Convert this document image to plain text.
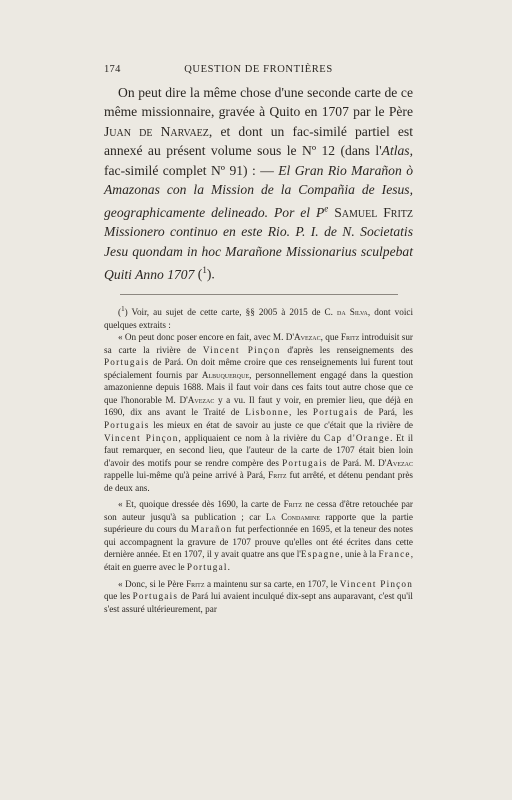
174	QUESTION DE FRONTIÈRES

On peut dire la même chose d'une seconde carte de ce même missionnaire, gravée à Quito en 1707 par le Père Juan de Narvaez, et dont un fac-similé partiel est annexé au présent volume sous le Nº 12 (dans l'Atlas, fac-similé complet Nº 91) : — El Gran Rio Marañon ò Amazonas con la Mission de la Compañia de Iesus, geographicamente delineado. Por el $P^e$ Samuel Fritz Missionero continuo en este Rio. P. I. de N. Societatis Jesu quondam in hoc Marañone Missionarius sculpebat Quiti Anno 1707 ($^1$).

($^1$) Voir, au sujet de cette carte, §§ 2005 à 2015 de C. da Silva, dont voici quelques extraits :

« On peut donc poser encore en fait, avec M. D'Avezac, que Fritz introduisit sur sa carte la rivière de Vincent Pinçon d'après les renseignements des Portugais de Pará. On doit même croire que ces renseignements lui furent tout spécialement fournis par Albuquerque, personnellement engagé dans la question amazonienne depuis 1688. Mais il faut voir dans ces faits tout autre chose que ce que l'honorable M. D'Avezac y a vu. Il faut y voir, en premier lieu, que déjà en 1690, dix ans avant le Traité de Lisbonne, les Portugais de Pará, les Portugais les mieux en état de savoir au juste ce que c'était que la rivière de Vincent Pinçon, appliquaient ce nom à la rivière du Cap d'Orange. Et il faut remarquer, en second lieu, que l'auteur de la carte de 1707 était bien loin d'avoir des motifs pour se rendre compère des Portugais de Pará. M. D'Avezac rappelle lui-même qu'à peine arrivé à Pará, Fritz fut arrêté, et détenu pendant près de deux ans.

« Et, quoique dressée dès 1690, la carte de Fritz ne cessa d'être retouchée par son auteur jusqu'à sa publication ; car La Condamine rapporte que la partie supérieure du cours du Marañon fut perfectionnée en 1695, et la teneur des notes qui accompagnent la gravure de 1707 prouve qu'elles ont été écrites dans cette dernière année. Et en 1707, il y avait quatre ans que l'Espagne, unie à la France, était en guerre avec le Portugal.

« Donc, si le Père Fritz a maintenu sur sa carte, en 1707, le Vincent Pinçon que les Portugais de Pará lui avaient inculqué dix-sept ans auparavant, c'est qu'il s'est assuré ultérieurement, par
